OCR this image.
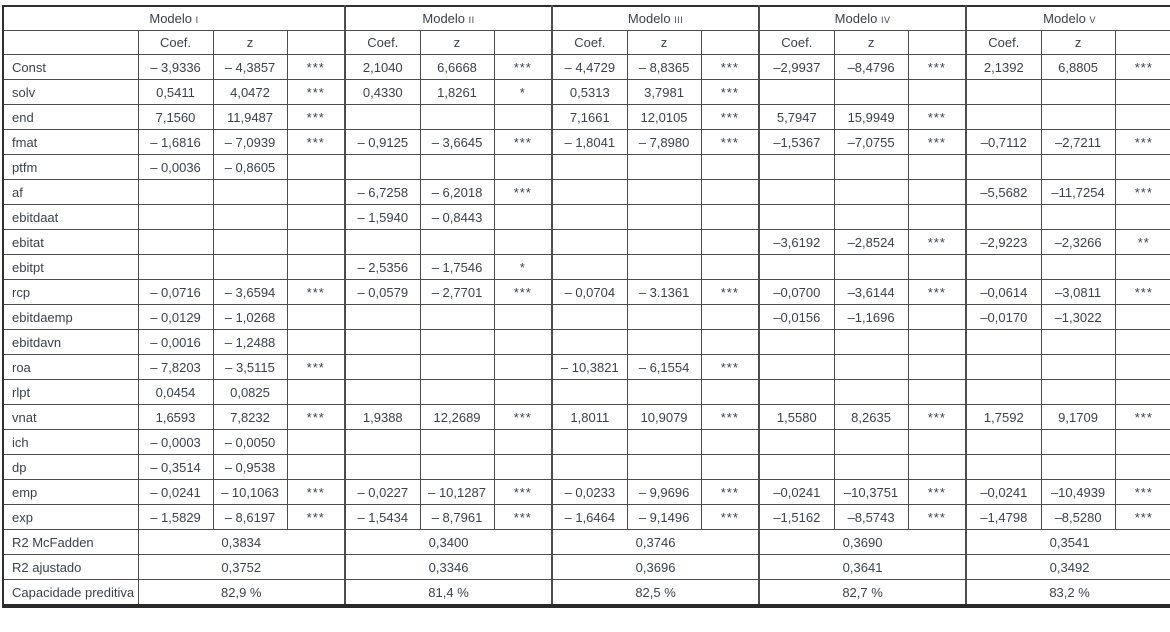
Modelo i				Modelo ii			Modelo iii			Modelo iv			Modelo v		
	Coef.	z		Coef.	z		Coef.	z		Coef.	z		Coef.	z	
Const	– 3,9336	– 4,3857	***	2,1040	6,6668	***	– 4,4729	– 8,8365	***	–2,9937	–8,4796	***	2,1392	6,8805	***
solv	0,5411	4,0472	***	0,4330	1,8261	*	0,5313	3,7981	***						
end	7,1560	11,9487	***				7,1661	12,0105	***	5,7947	15,9949	***			
fmat	– 1,6816	– 7,0939	***	– 0,9125	– 3,6645	***	– 1,8041	– 7,8980	***	–1,5367	–7,0755	***	–0,7112	–2,7211	***
ptfm	– 0,0036	– 0,8605													
af				– 6,7258	– 6,2018	***							–5,5682	–11,7254	***
ebitdaat				– 1,5940	– 0,8443										
ebitat										–3,6192	–2,8524	***	–2,9223	–2,3266	**
ebitpt				– 2,5356	– 1,7546	*									
rcp	– 0,0716	– 3,6594	***	– 0,0579	– 2,7701	***	– 0,0704	– 3.1361	***	–0,0700	–3,6144	***	–0,0614	–3,0811	***
ebitdaemp	– 0,0129	– 1,0268								–0,0156	–1,1696		–0,0170	–1,3022	
ebitdavn	– 0,0016	– 1,2488													
roa	– 7,8203	– 3,5115	***				– 10,3821	– 6,1554	***						
rlpt	0,0454	0,0825													
vnat	1,6593	7,8232	***	1,9388	12,2689	***	1,8011	10,9079	***	1,5580	8,2635	***	1,7592	9,1709	***
ich	– 0,0003	– 0,0050													
dp	– 0,3514	– 0,9538													
emp	– 0,0241	– 10,1063	***	– 0,0227	– 10,1287	***	– 0,0233	– 9,9696	***	–0,0241	–10,3751	***	–0,0241	–10,4939	***
exp	– 1,5829	– 8,6197	***	– 1,5434	– 8,7961	***	– 1,6464	– 9,1496	***	–1,5162	–8,5743	***	–1,4798	–8,5280	***
R2 McFadden	0,3834			0,3400			0,3746			0,3690			0,3541		
R2 ajustado	0,3752			0,3346			0,3696			0,3641			0,3492		
Capacidade preditiva	82,9 %			81,4 %			82,5 %			82,7 %			83,2 %		
